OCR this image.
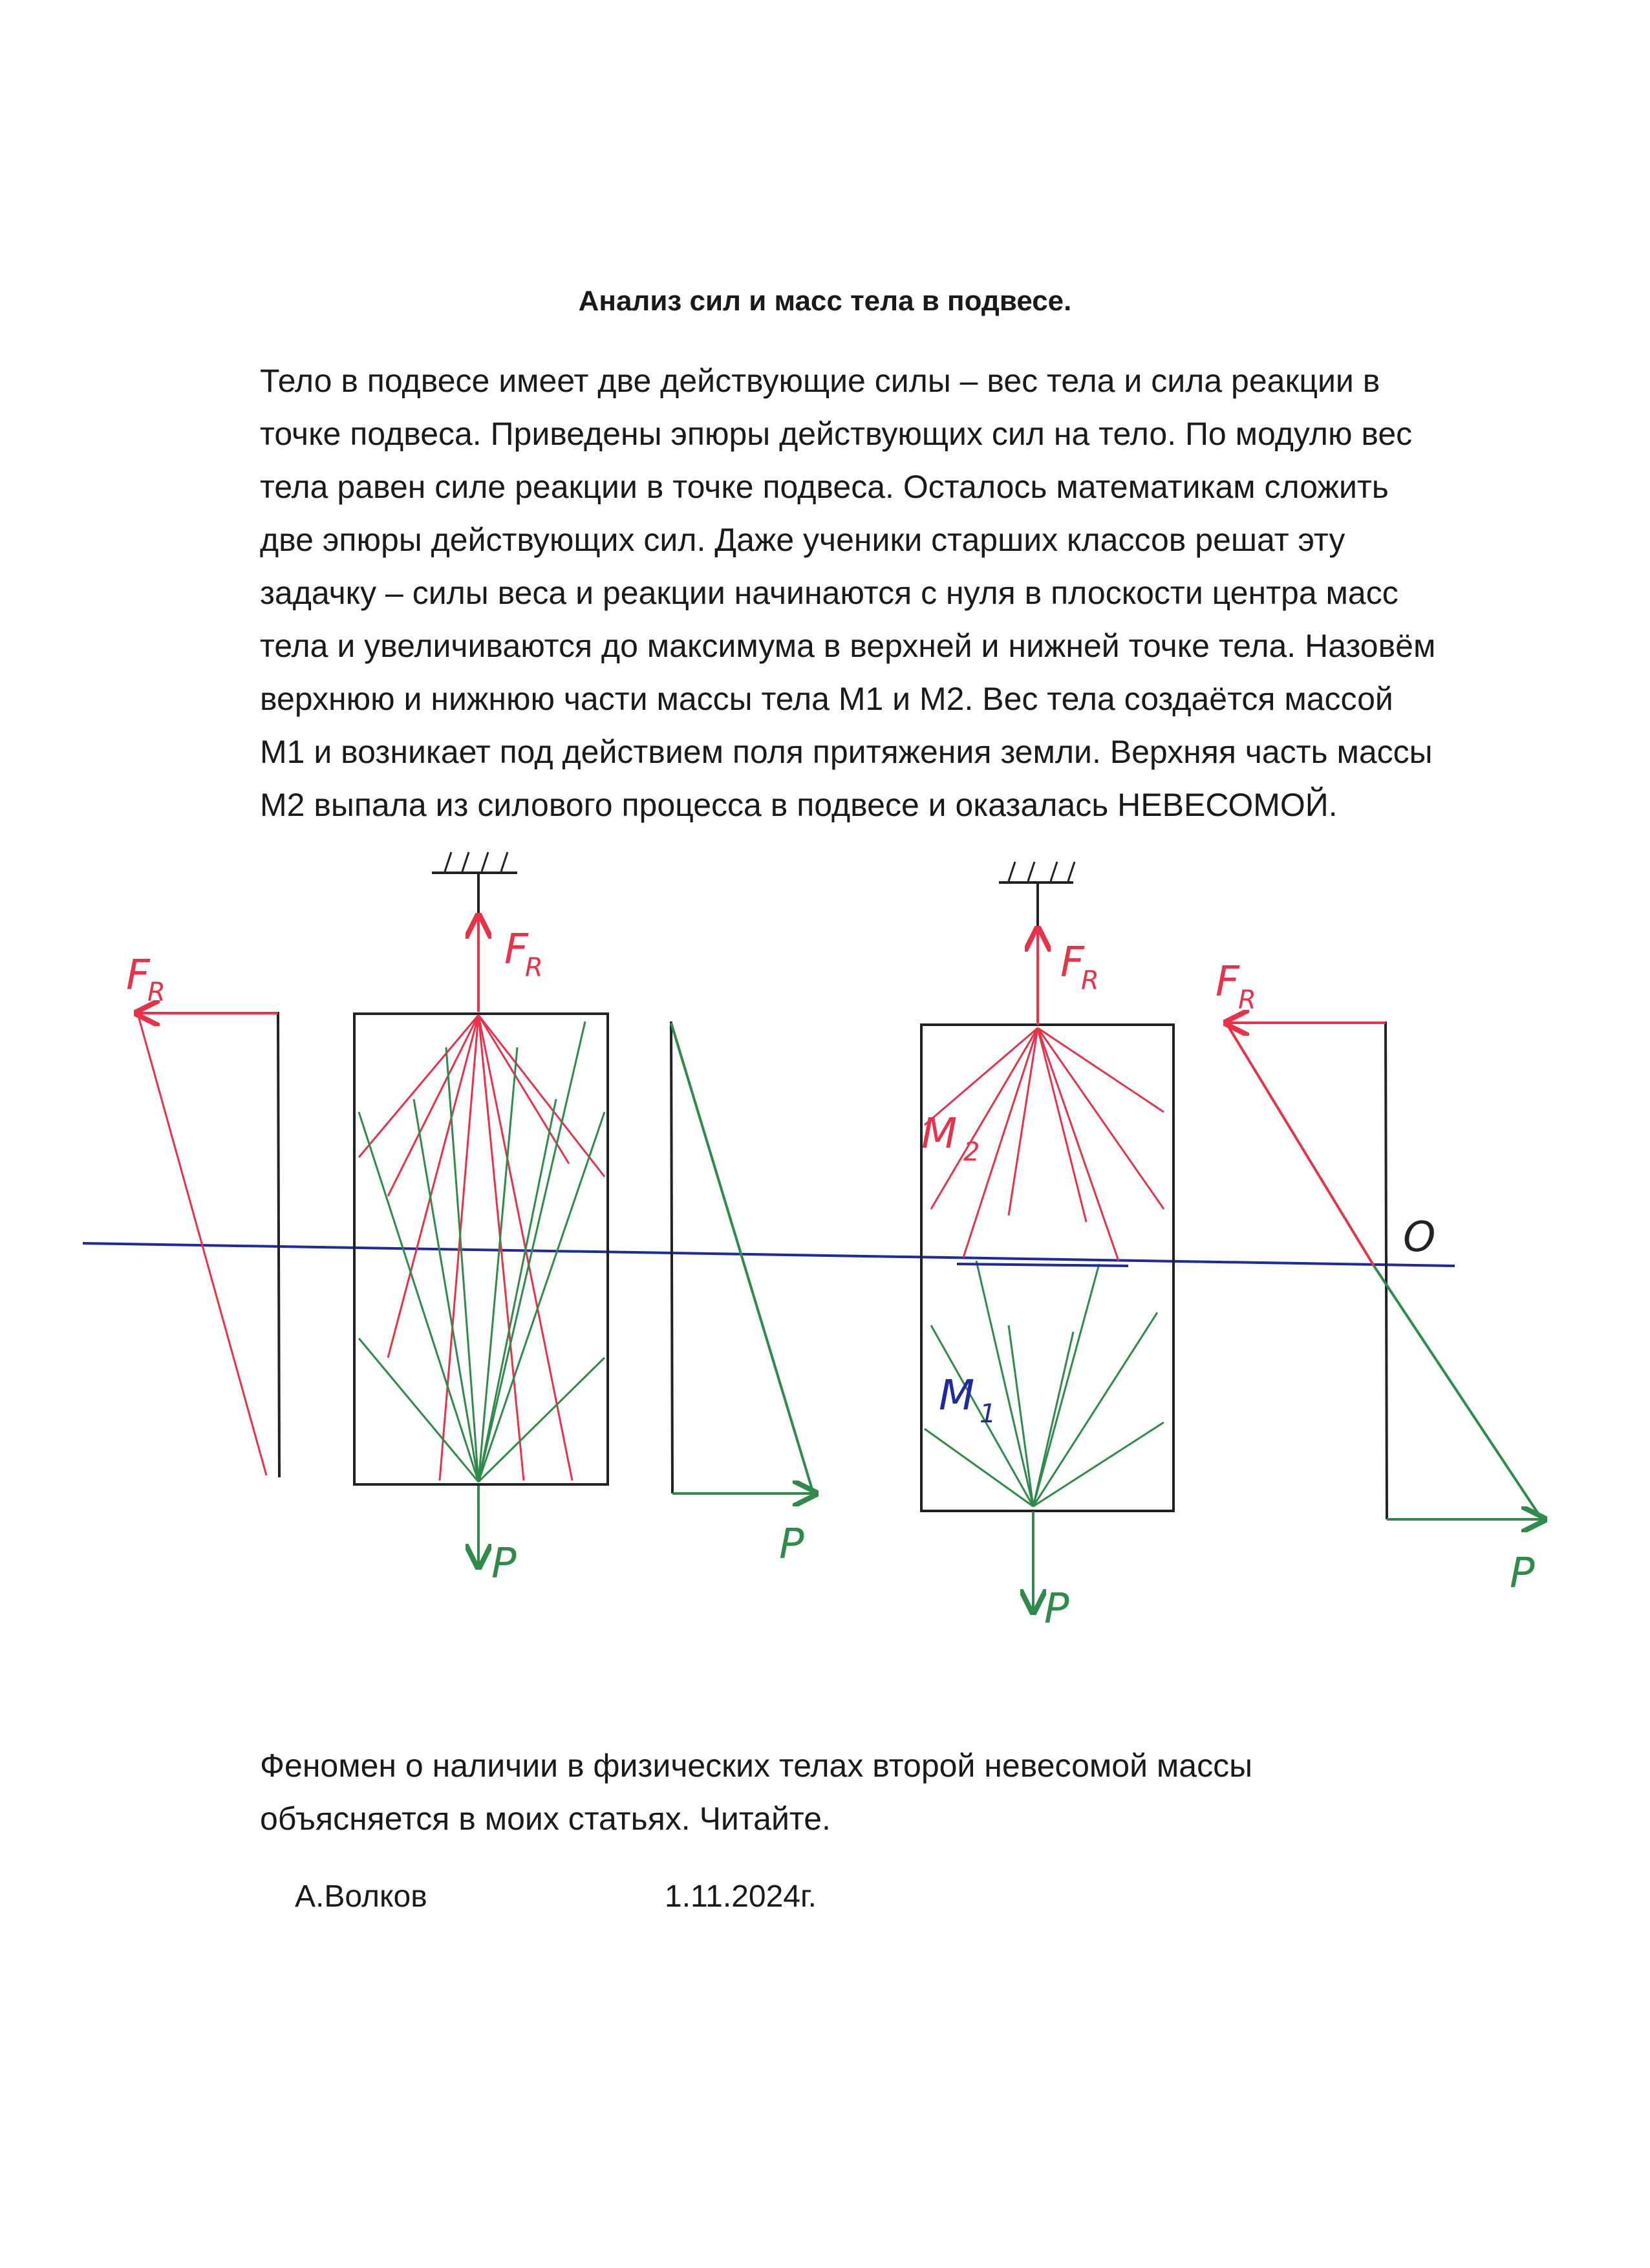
Анализ сил и масс тела в подвесе.
Тело в подвесе имеет две действующие силы – вес тела и сила реакции в
точке подвеса. Приведены эпюры действующих сил на тело. По модулю вес
тела равен силе реакции в точке подвеса. Осталось математикам сложить
две эпюры действующих сил. Даже ученики старших классов решат эту
задачку – силы веса и реакции начинаются с нуля в плоскости центра масс
тела и увеличиваются до максимума в верхней и нижней точке тела. Назовём
верхнюю и нижнюю части массы тела М1 и М2. Вес тела создаётся массой
М1 и возникает под действием поля притяжения земли. Верхняя часть массы
М2 выпала из силового процесса в подвесе и оказалась НЕВЕСОМОЙ.
F
R
F
R
P	P
F
R
P
M 2
M 1
F
R
O
P
Феномен о наличии в физических телах второй невесомой массы
объясняется в моих статьях. Читайте.
А.Волков	1.11.2024г.
